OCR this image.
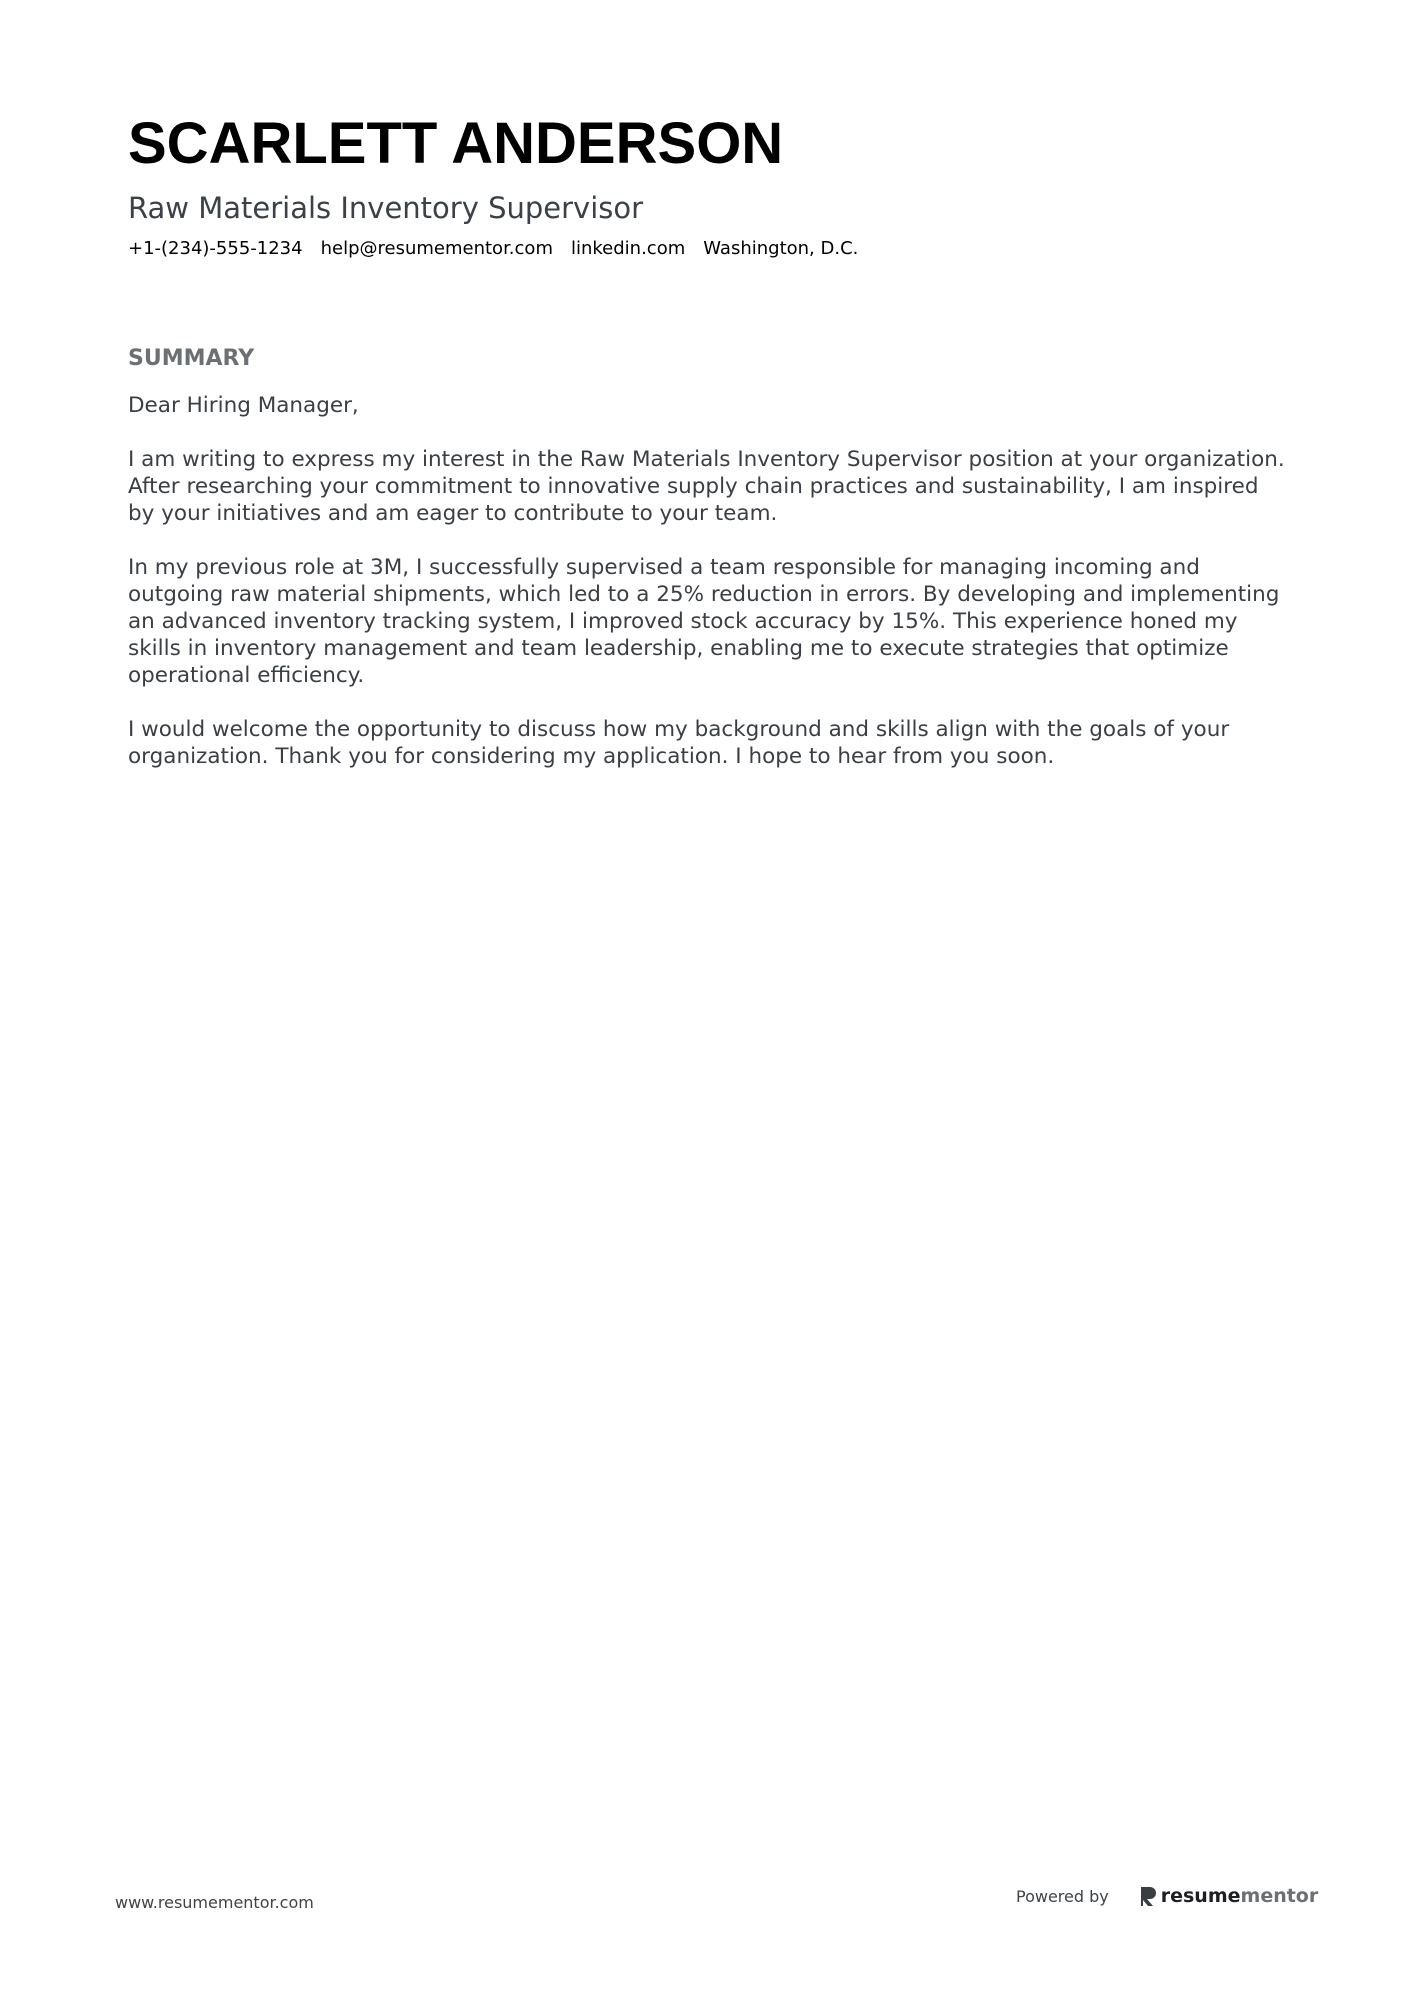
SCARLETT ANDERSON
Raw Materials Inventory Supervisor
+1-(234)-555-1234 help@resumementor.com linkedin.com Washington, D.C.
SUMMARY

Dear Hiring Manager,

I am writing to express my interest in the Raw Materials Inventory Supervisor position at your organization. After researching your commitment to innovative supply chain practices and sustainability, I am inspired by your initiatives and am eager to contribute to your team.

In my previous role at 3M, I successfully supervised a team responsible for managing incoming and outgoing raw material shipments, which led to a 25% reduction in errors. By developing and implementing an advanced inventory tracking system, I improved stock accuracy by 15%. This experience honed my skills in inventory management and team leadership, enabling me to execute strategies that optimize operational efficiency.

I would welcome the opportunity to discuss how my background and skills align with the goals of your organization. Thank you for considering my application. I hope to hear from you soon.

www.resumementor.com	Powered by	resumementor
